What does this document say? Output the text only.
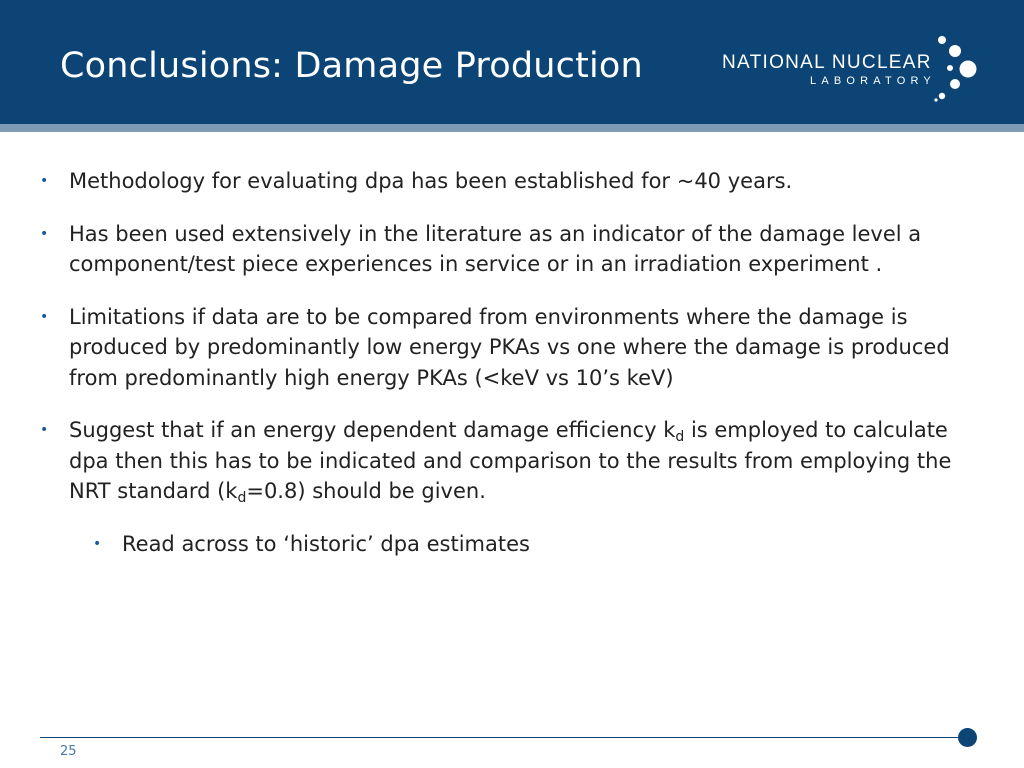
Conclusions: Damage Production	NATIONAL NUCLEAR
LABORATORY
• Methodology for evaluating dpa has been established for ~40 years.
• Has been used extensively in the literature as an indicator of the damage level a component/test piece experiences in service or in an irradiation experiment .
• Limitations if data are to be compared from environments where the damage is produced by predominantly low energy PKAs vs one where the damage is produced from predominantly high energy PKAs (<keV vs 10’s keV)
• Suggest that if an energy dependent damage efficiency $k_d$ is employed to calculate dpa then this has to be indicated and comparison to the results from employing the NRT standard $(k_d=0.8)$ should be given.
• Read across to ‘historic’ dpa estimates
25
